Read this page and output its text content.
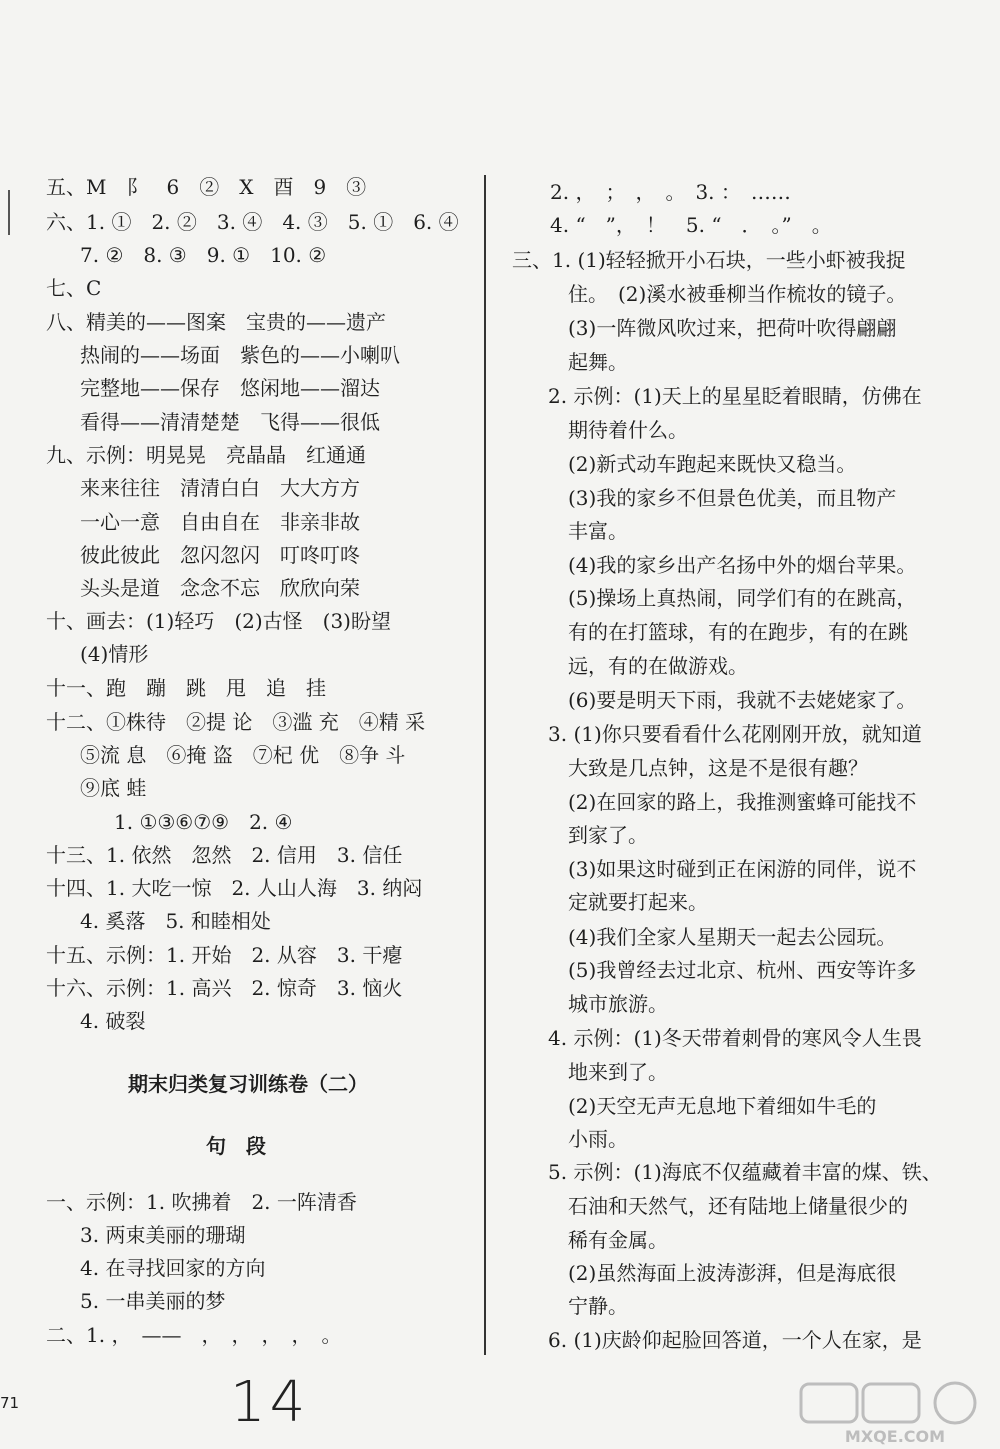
五、M　阝　6　②　X　酉　9　③
六、1. ①　2. ②　3. ④　4. ③　5. ①　6. ④
7. ②　8. ③　9. ①　10. ②
七、C
八、精美的——图案　宝贵的——遗产
热闹的——场面　紫色的——小喇叭
完整地——保存　悠闲地——溜达
看得——清清楚楚　飞得——很低
九、示例：明晃晃　亮晶晶　红通通
来来往往　清清白白　大大方方
一心一意　自由自在　非亲非故
彼此彼此　忽闪忽闪　叮咚叮咚
头头是道　念念不忘　欣欣向荣
十、画去：(1)轻巧　(2)古怪　(3)盼望
(4)情形
十一、跑　蹦　跳　甩　追　挂
十二、①株待　②提 论　③滥 充　④精 采
⑤流 息　⑥掩 盗　⑦杞 优　⑧争 斗
⑨底 蛙
1. ①③⑥⑦⑨　2. ④
十三、1. 依然　忽然　2. 信用　3. 信任
十四、1. 大吃一惊　2. 人山人海　3. 纳闷
4. 奚落　5. 和睦相处
十五、示例：1. 开始　2. 从容　3. 干瘪
十六、示例：1. 高兴　2. 惊奇　3. 恼火
4. 破裂
期末归类复习训练卷（二）
句　段
一、示例：1. 吹拂着　2. 一阵清香
3. 两束美丽的珊瑚
4. 在寻找回家的方向
5. 一串美丽的梦
二、1. ，　——　，　，　，　，　。
2. ，　；　，　。　3. ：　……
4. “　”，　！　5. “　．　。”　。
三、1. (1)轻轻掀开小石块，一些小虾被我捉
住。　(2)溪水被垂柳当作梳妆的镜子。
(3)一阵微风吹过来，把荷叶吹得翩翩
起舞。
2. 示例：(1)天上的星星眨着眼睛，仿佛在
期待着什么。
(2)新式动车跑起来既快又稳当。
(3)我的家乡不但景色优美，而且物产
丰富。
(4)我的家乡出产名扬中外的烟台苹果。
(5)操场上真热闹，同学们有的在跳高，
有的在打篮球，有的在跑步，有的在跳
远，有的在做游戏。
(6)要是明天下雨，我就不去姥姥家了。
3. (1)你只要看看什么花刚刚开放，就知道
大致是几点钟，这是不是很有趣？
(2)在回家的路上，我推测蜜蜂可能找不
到家了。
(3)如果这时碰到正在闲游的同伴，说不
定就要打起来。
(4)我们全家人星期天一起去公园玩。
(5)我曾经去过北京、杭州、西安等许多
城市旅游。
4. 示例：(1)冬天带着刺骨的寒风令人生畏
地来到了。
(2)天空无声无息地下着细如牛毛的
小雨。
5. 示例：(1)海底不仅蕴藏着丰富的煤、铁、
石油和天然气，还有陆地上储量很少的
稀有金属。
(2)虽然海面上波涛澎湃，但是海底很
宁静。
6. (1)庆龄仰起脸回答道，一个人在家，是
71	14
MXQE.COM
